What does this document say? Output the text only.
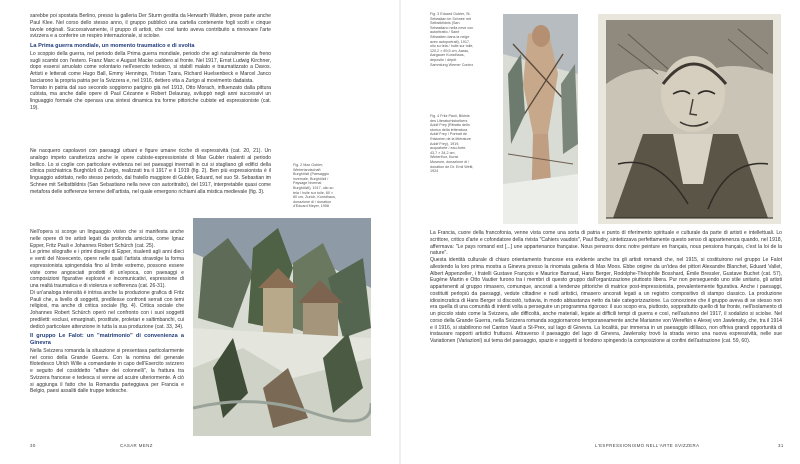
sarebbe poi spostata Berlino, presso la galleria Der Sturm gestita da Herwarth Walden, prese parte anche Paul Klee. Nel corso dello stesso anno, il gruppo pubblicò una cartella contenente fogli scolti e cinque tavole originali. Successivamente, il gruppo di artisti, che così tanto aveva contribuito a rinnovare l'arte svizzera e a conferire un respiro internazionale, si sciolse.

La Prima guerra mondiale, un momento traumatico e di svolta

Lo scoppio della guerra, nel periodo della Prima guerra mondiale, periodo che agì naturalmente da freno sugli scambi con l'estero. Franz Marc e August Macke caddero al fronte. Nel 1917, Ernst Ludwig Kirchner, dopo essersi arruolato come volontario nell'esercito tedesco, si stabilì malato e traumatizzato a Davos. Artisti e letterati come Hugo Ball, Emmy Hennings, Tristan Tzara, Richard Huelsenbeck e Marcel Janco lasciarono la propria patria per la Svizzera e, nel 1916, dettero vita a Zurigo al movimento dadaista.

Tornato in patria dal suo secondo soggiorno parigino già nel 1913, Otto Morach, influenzato dalla pittura cubista, ma anche dalle opere di Paul Cézanne e Robert Delaunay, sviluppò negli anni successivi un linguaggio formale che operava una sintesi dinamica tra forme pittoriche cubiste ed espressioniste (cat. 19).

Ne nacquero capolavori con paesaggi urbani e figure umane ricche di espressività (cat. 20, 21). Un analogo impeto caratterizza anche le opere cubiste-espressioniste di Max Gubler risalenti al periodo bellico. Lo si coglie con particolare evidenza nei sei paesaggi invernali in cui si stagliano gli edifici della clinica psichiatrica Burghölzli di Zurigo, realizzati tra il 1917 e il 1919 (fig. 2). Ben più espressionista è il linguaggio adottato, nello stesso periodo, dal fratello maggiore di Gubler, Eduard, nel suo St. Sebastian im Schnee mit Selbstbildnis (San Sebastiano nella neve con autoritratto), del 1917, interpretabile quasi come metafora delle sofferenze terrene dell'artista, nel quale emergono richiami alla mistica medievale (fig. 3).

Nell'opera si scorge un linguaggio visivo che si manifesta anche nelle opere di tre artisti legati da profonda amicizia, come Ignaz Epper, Fritz Pauli e Johannes Robert Schürch (cat. 25).

Le prime xilografie e i primi disegni di Epper, risalenti agli anni dieci e venti del Novecento, opere nelle quali l'artista stravolge la forma espressionista spingendola fino al limite estremo, possono essere viste come angosciati prodotti di un'epoca, con paesaggi e composizioni figurative esplosivi e incomunicativi, espressione di una realtà traumatica e di violenza e sofferenza (cat. 26-31).

Di un'analoga intensità è intrisa anche la produzione grafica di Fritz Pauli che, a livello di soggetti, predilesse confronti serrati con temi religiosi, ma anche di critica sociale (fig. 4). Critica sociale che Johannes Robert Schürch operò nel confronto con i suoi soggetti prediletti: esclusi, emarginati, prostitute, proletari e saltimbanchi, cui dedicò particolare attenzione in tutta la sua produzione (cat. 33, 34).

Il gruppo Le Falot: un "matrimonio" di convenienza a Ginevra

Nella Svizzera romanda la situazione si presentava particolarmente nel corso della Grande Guerra. Con la nomina del generale filotedesco Ulrich Wille a comandante in capo dell'Esercito svizzero e seguito del cosiddetto "affare dei colonnelli", la frattura tra Svizzera francese e tedesca si venne ad acuire ulteriormente. A ciò si aggiunga il fatto che la Romandia parteggiava per Francia e Belgio, paesi assaliti dalle truppe tedesche.

Fig. 2 Max Gubler, Winterlandschaft Burghölzli (Paesaggio invernale, Burghölzli / Paysage hivernal Burghölzli), 1917, olio su tela / huile sur toile, 80 × 80 cm, Zurich, Kunsthaus, donazione di / donation d'Eduard Meyer, 1958
Fig. 3 Eduard Gubler, St. Sebastian im Schnee mit Selbstbildnis (San Sebastiano nella neve con autoritratto / Saint Sébastien dans la neige avec autoportrait), 1917, olio su tela / huile sur toile, 120,2 × 89,5 cm, Aarau, Aargauer Kunsthaus, deposito / dépôt Sammlung Werner Coninx
Fig. 4 Fritz Pauli, Bildnis des Literaturhistorikers Adolf Frey (Ritratto dello storico della letteratura Adolf Frey / Portrait de l'historien de la littérature Adolf Frey), 1919, acquaforte / eau-forte, 43,7 × 34,2 cm, Winterthur, Kunst Museum, donazione di / donation de Dr. Emil Welti, 1924

La Francia, cuore della francofonia, venne vista come una sorta di patria e punto di riferimento spirituale e culturale da parte di artisti e intellettuali. Lo scrittore, critico d'arte e cofondatore della rivista "Cahiers vaudois", Paul Budry, sintetizzava perfettamente questo senso di appartenenza quando, nel 1918, affermava: "Le pays romand est [...] une appartenance française. Nous pensons donc notre peinture en français, nous pensions français, c'est la loi de la nature".

Questa identità culturale di chiaro orientamento francese era evidente anche tra gli artisti romandi che, nel 1915, si costituirono nel gruppo Le Falot allestendo la loro prima mostra a Ginevra presso la rinomata galleria di Max Moos. Ebbe origine da un'idea dei pittori Alexandre Blanchet, Eduard Vallet, Albert Appenzeller, i fratelli Gustave François e Maurice Barraud, Hans Berger, Rodolphe-Théophile Bosshard, Émile Bressler, Gustave Buchet (cat. 57), Eugène Martin e Otto Vautier furono tra i membri di questo gruppo dall'organizzazione piuttosto libera. Pur non perseguendo uno stile unitario, gli artisti appartenenti al gruppo rimasero, comunque, ancorati a tendenze pittoriche di matrice post-impressionista, prevalentemente figurativa. Anche i paesaggi, costituiti perlopiù da paesaggi, vedute cittadine e nudi artistici, rimasero ancorati legati a un registro compositivo di stampo classico. La produzione idiosincratica di Hans Berger si discostò, tuttavia, in modo abbastanza netto da tale categorizzazione. La concezione che il gruppo aveva di se stesso non era quella di una comunità di intenti volta a perseguire un programma rigoroso: il suo scopo era, piuttosto, sopprattutto quello di far fronte, nell'isolamento di un piccolo stato come la Svizzera, alle difficoltà, anche materiali, legate ai difficili tempi di guerra e così, nell'autunno del 1917, il sodalizio si sciolse. Nel corso della Grande Guerra, nella Svizzera romanda soggiornarono temporaneamente anche Marianne von Werefkin e Alexej von Jawlensky, che, tra il 1914 e il 1916, si stabilirono nel Canton Vaud a St-Prex, sul lago di Ginevra. La località, pur immersa in un paesaggio idilliaco, non offriva grandi opportunità di instaurare rapporti artistici fruttuosi. Attraverso il paesaggio del lago di Ginevra, Jawlensky trovò la strada verso una nuova espressività, nelle sue Variationen (Variazioni) sul tema del paesaggio, spazio e soggetti si fondono spingendo la composizione ai confini dell'astrazione (cat. 59, 60).

30	CASAR MENZ	L'ESPRESSIONISMO NELL'ARTE SVIZZERA	31
